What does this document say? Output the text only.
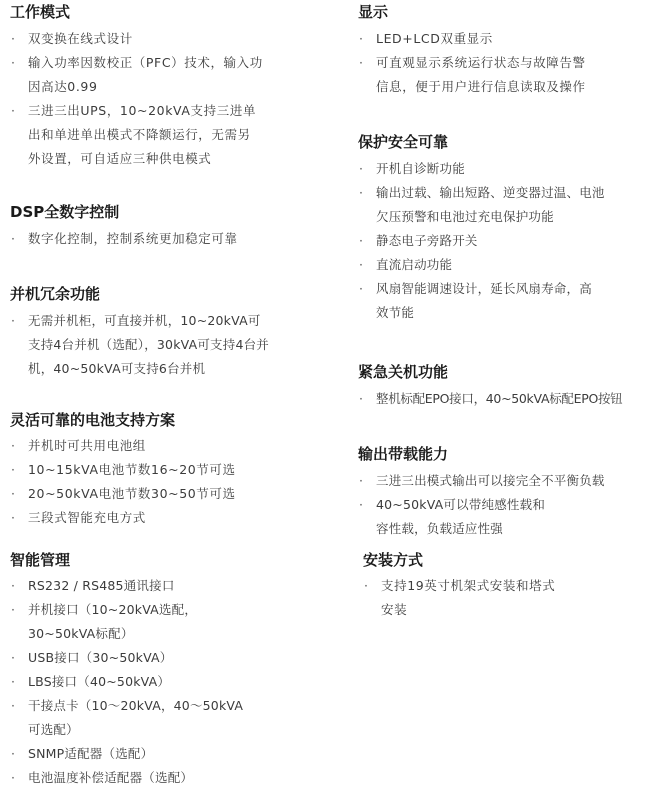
工作模式
· 双变换在线式设计
· 输入功率因数校正（PFC）技术，输入功
因高达0.99
· 三进三出UPS，10~20kVA支持三进单
出和单进单出模式不降额运行，无需另
外设置，可自适应三种供电模式
DSP全数字控制
· 数字化控制，控制系统更加稳定可靠
并机冗余功能
· 无需并机柜，可直接并机，10~20kVA可
支持4台并机（选配），30kVA可支持4台并
机，40~50kVA可支持6台并机
灵活可靠的电池支持方案
· 并机时可共用电池组
· 10~15kVA电池节数16~20节可选
· 20~50kVA电池节数30~50节可选
· 三段式智能充电方式
智能管理
· RS232 / RS485通讯接口
· 并机接口（10~20kVA选配，
30~50kVA标配）
· USB接口（30~50kVA）
· LBS接口（40~50kVA）
· 干接点卡（10～20kVA，40～50kVA
可选配）
· SNMP适配器（选配）
· 电池温度补偿适配器（选配）
显示
· LED+LCD双重显示
· 可直观显示系统运行状态与故障告警
信息，便于用户进行信息读取及操作
保护安全可靠
· 开机自诊断功能
· 输出过载、输出短路、逆变器过温、电池
欠压预警和电池过充电保护功能
· 静态电子旁路开关
· 直流启动功能
· 风扇智能调速设计，延长风扇寿命，高
效节能
紧急关机功能
· 整机标配EPO接口，40~50kVA标配EPO按钮
输出带载能力
· 三进三出模式输出可以接完全不平衡负载
· 40~50kVA可以带纯感性载和
容性载，负载适应性强
安装方式
· 支持19英寸机架式安装和塔式
安装
